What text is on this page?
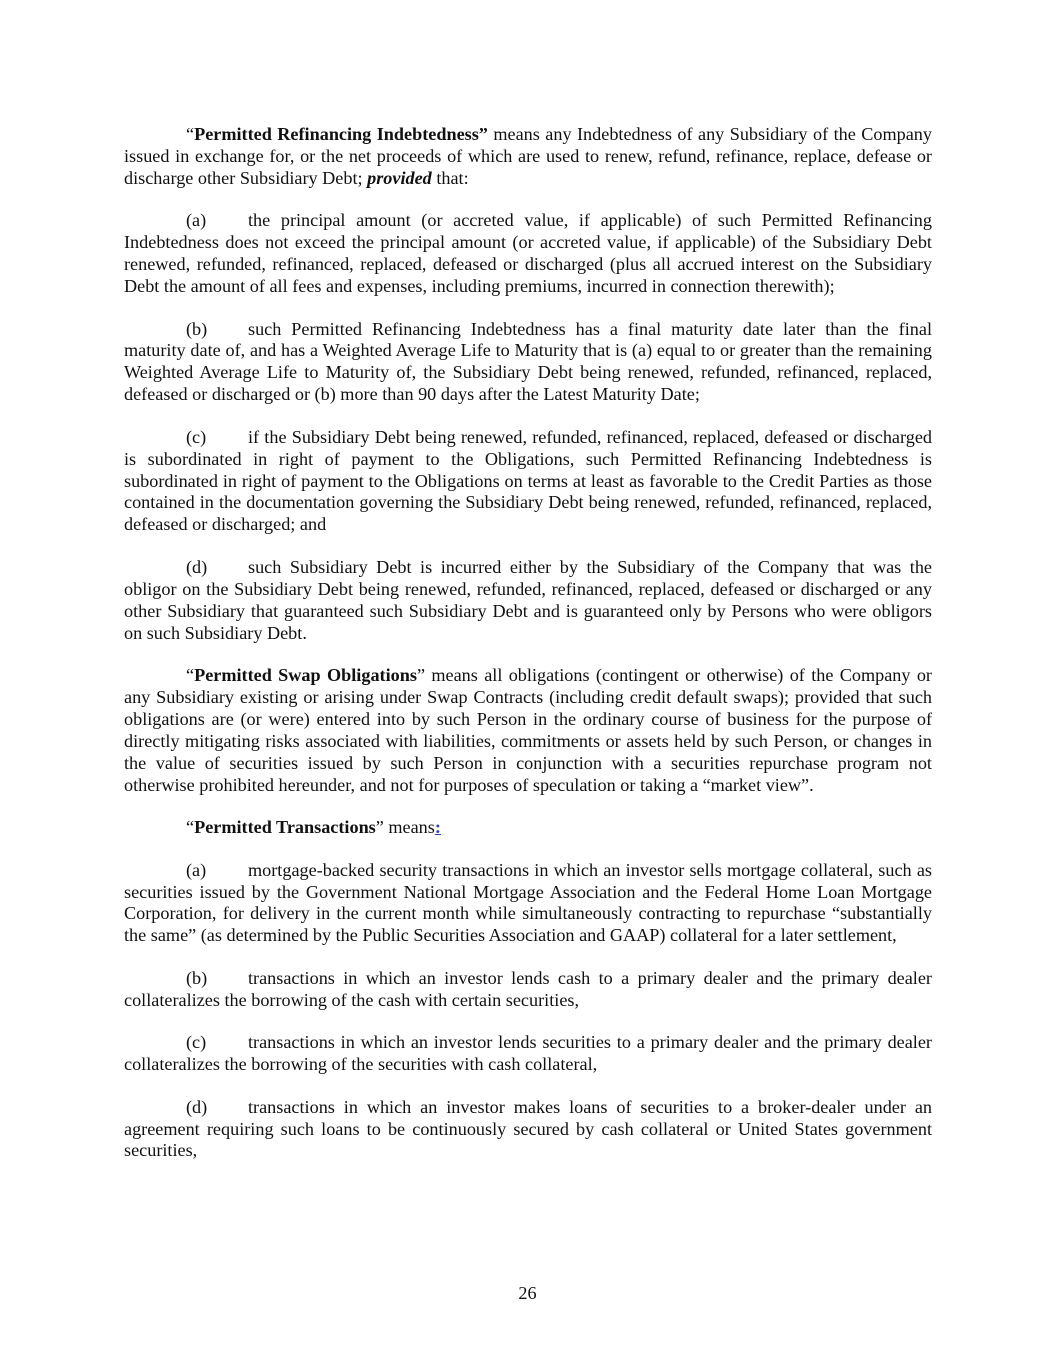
“Permitted Refinancing Indebtedness” means any Indebtedness of any Subsidiary of the Company issued in exchange for, or the net proceeds of which are used to renew, refund, refinance, replace, defease or discharge other Subsidiary Debt; provided that:

(a) the principal amount (or accreted value, if applicable) of such Permitted Refinancing Indebtedness does not exceed the principal amount (or accreted value, if applicable) of the Subsidiary Debt renewed, refunded, refinanced, replaced, defeased or discharged (plus all accrued interest on the Subsidiary Debt the amount of all fees and expenses, including premiums, incurred in connection therewith);

(b) such Permitted Refinancing Indebtedness has a final maturity date later than the final maturity date of, and has a Weighted Average Life to Maturity that is (a) equal to or greater than the remaining Weighted Average Life to Maturity of, the Subsidiary Debt being renewed, refunded, refinanced, replaced, defeased or discharged or (b) more than 90 days after the Latest Maturity Date;

(c) if the Subsidiary Debt being renewed, refunded, refinanced, replaced, defeased or discharged is subordinated in right of payment to the Obligations, such Permitted Refinancing Indebtedness is subordinated in right of payment to the Obligations on terms at least as favorable to the Credit Parties as those contained in the documentation governing the Subsidiary Debt being renewed, refunded, refinanced, replaced, defeased or discharged; and

(d) such Subsidiary Debt is incurred either by the Subsidiary of the Company that was the obligor on the Subsidiary Debt being renewed, refunded, refinanced, replaced, defeased or discharged or any other Subsidiary that guaranteed such Subsidiary Debt and is guaranteed only by Persons who were obligors on such Subsidiary Debt.

“Permitted Swap Obligations” means all obligations (contingent or otherwise) of the Company or any Subsidiary existing or arising under Swap Contracts (including credit default swaps); provided that such obligations are (or were) entered into by such Person in the ordinary course of business for the purpose of directly mitigating risks associated with liabilities, commitments or assets held by such Person, or changes in the value of securities issued by such Person in conjunction with a securities repurchase program not otherwise prohibited hereunder, and not for purposes of speculation or taking a “market view”.

“Permitted Transactions” means:

(a) mortgage-backed security transactions in which an investor sells mortgage collateral, such as securities issued by the Government National Mortgage Association and the Federal Home Loan Mortgage Corporation, for delivery in the current month while simultaneously contracting to repurchase “substantially the same” (as determined by the Public Securities Association and GAAP) collateral for a later settlement,

(b) transactions in which an investor lends cash to a primary dealer and the primary dealer collateralizes the borrowing of the cash with certain securities,

(c) transactions in which an investor lends securities to a primary dealer and the primary dealer collateralizes the borrowing of the securities with cash collateral,

(d) transactions in which an investor makes loans of securities to a broker-dealer under an agreement requiring such loans to be continuously secured by cash collateral or United States government securities,

26
